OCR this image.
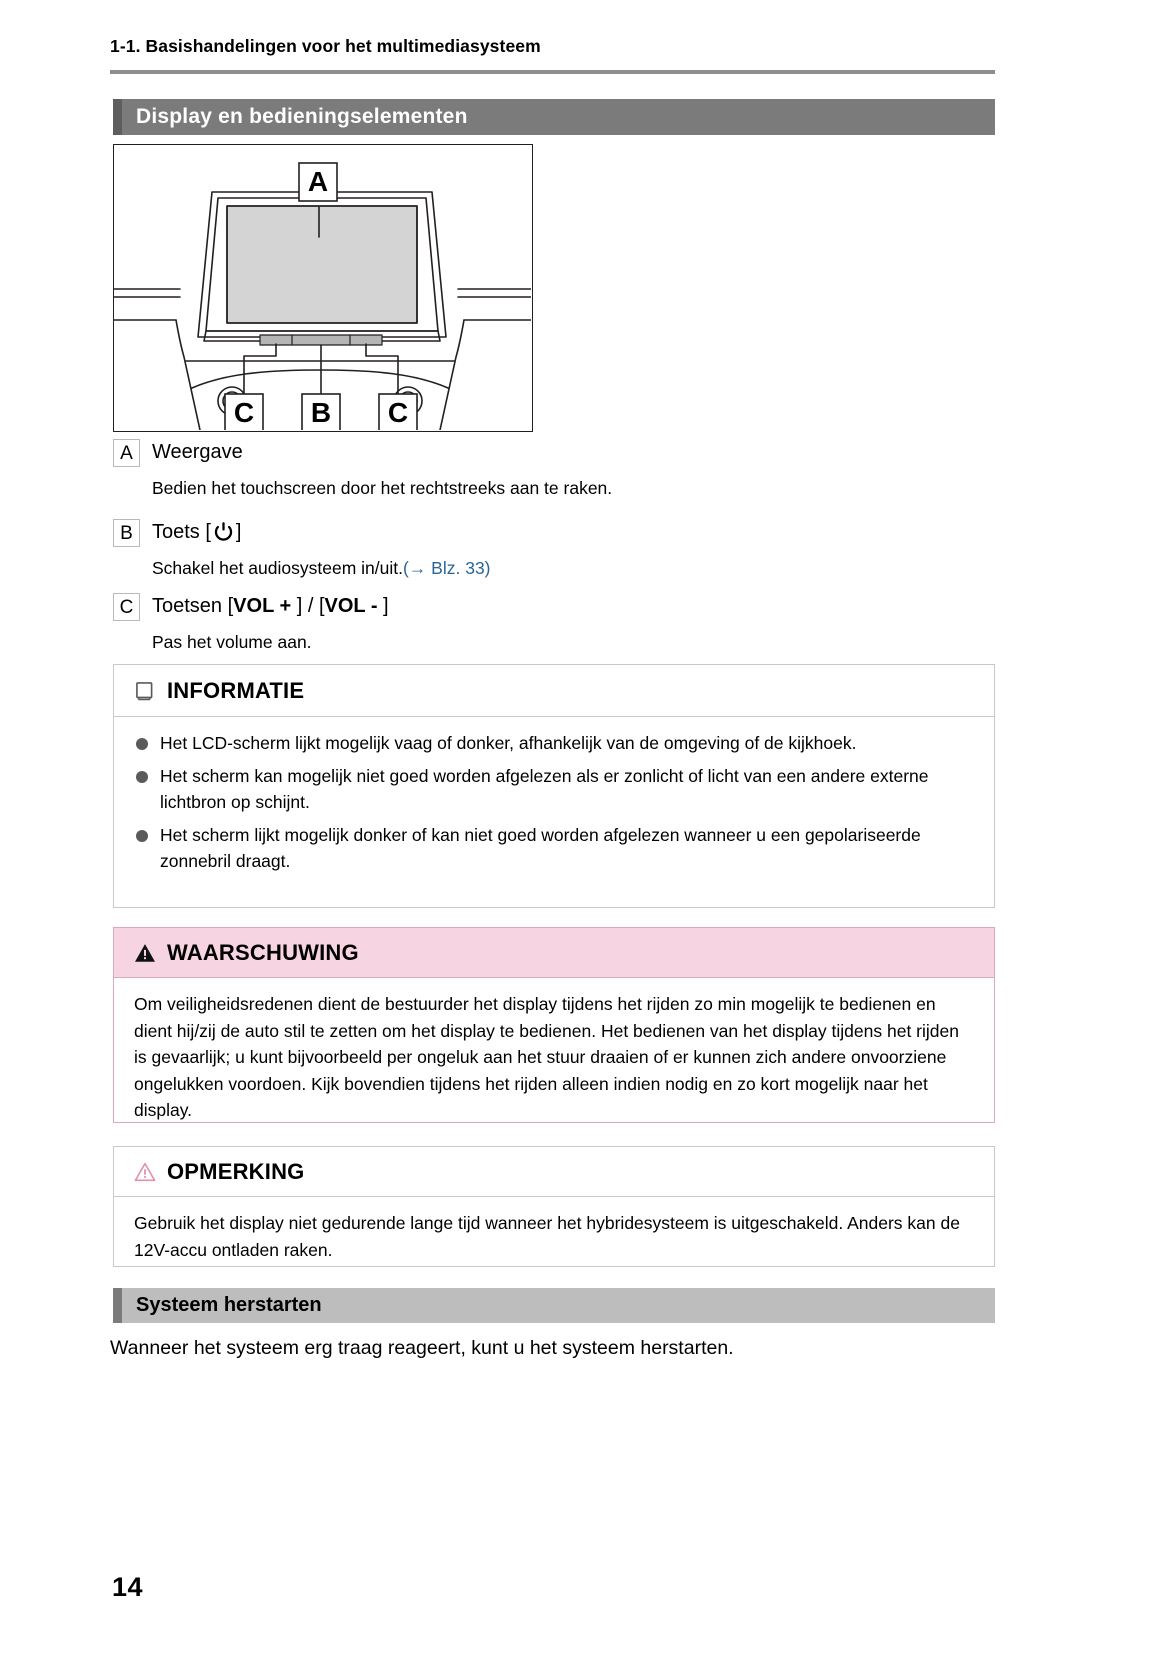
1-1. Basishandelingen voor het multimediasysteem
Display en bedieningselementen
A
C B C
A Weergave
Bedien het touchscreen door het rechtstreeks aan te raken.
B Toets [ ]
Schakel het audiosysteem in/uit.(→ Blz. 33)
C Toetsen [VOL + ] / [VOL - ]
Pas het volume aan.
INFORMATIE
Het LCD-scherm lijkt mogelijk vaag of donker, afhankelijk van de omgeving of de kijkhoek.
Het scherm kan mogelijk niet goed worden afgelezen als er zonlicht of licht van een andere externe lichtbron op schijnt.
Het scherm lijkt mogelijk donker of kan niet goed worden afgelezen wanneer u een gepolariseerde zonnebril draagt.
WAARSCHUWING
Om veiligheidsredenen dient de bestuurder het display tijdens het rijden zo min mogelijk te bedienen en dient hij/zij de auto stil te zetten om het display te bedienen. Het bedienen van het display tijdens het rijden is gevaarlijk; u kunt bijvoorbeeld per ongeluk aan het stuur draaien of er kunnen zich andere onvoorziene ongelukken voordoen. Kijk bovendien tijdens het rijden alleen indien nodig en zo kort mogelijk naar het display.
OPMERKING
Gebruik het display niet gedurende lange tijd wanneer het hybridesysteem is uitgeschakeld. Anders kan de 12V-accu ontladen raken.
Systeem herstarten
Wanneer het systeem erg traag reageert, kunt u het systeem herstarten.
14
